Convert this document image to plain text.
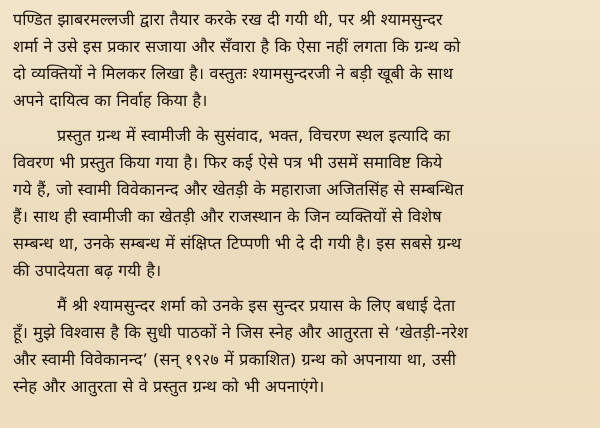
पण्डित झाबरमल्लजी द्वारा तैयार करके रख दी गयी थी, पर श्री श्यामसुन्दर
शर्मा ने उसे इस प्रकार सजाया और सँवारा है कि ऐसा नहीं लगता कि ग्रन्थ को
दो व्यक्तियों ने मिलकर लिखा है। वस्तुतः श्यामसुन्दरजी ने बड़ी खूबी के साथ
अपने दायित्व का निर्वाह किया है।
प्रस्तुत ग्रन्थ में स्वामीजी के सुसंवाद, भक्त, विचरण स्थल इत्यादि का
विवरण भी प्रस्तुत किया गया है। फिर कई ऐसे पत्र भी उसमें समाविष्ट किये
गये हैं, जो स्वामी विवेकानन्द और खेतड़ी के महाराजा अजितसिंह से सम्बन्धित
हैं। साथ ही स्वामीजी का खेतड़ी और राजस्थान के जिन व्यक्तियों से विशेष
सम्बन्ध था, उनके सम्बन्ध में संक्षिप्त टिप्पणी भी दे दी गयी है। इस सबसे ग्रन्थ
की उपादेयता बढ़ गयी है।
मैं श्री श्यामसुन्दर शर्मा को उनके इस सुन्दर प्रयास के लिए बधाई देता
हूँ। मुझे विश्वास है कि सुधी पाठकों ने जिस स्नेह और आतुरता से ‘खेतड़ी-नरेश
और स्वामी विवेकानन्द’ (सन् १९२७ में प्रकाशित) ग्रन्थ को अपनाया था, उसी
स्नेह और आतुरता से वे प्रस्तुत ग्रन्थ को भी अपनाएंगे।
